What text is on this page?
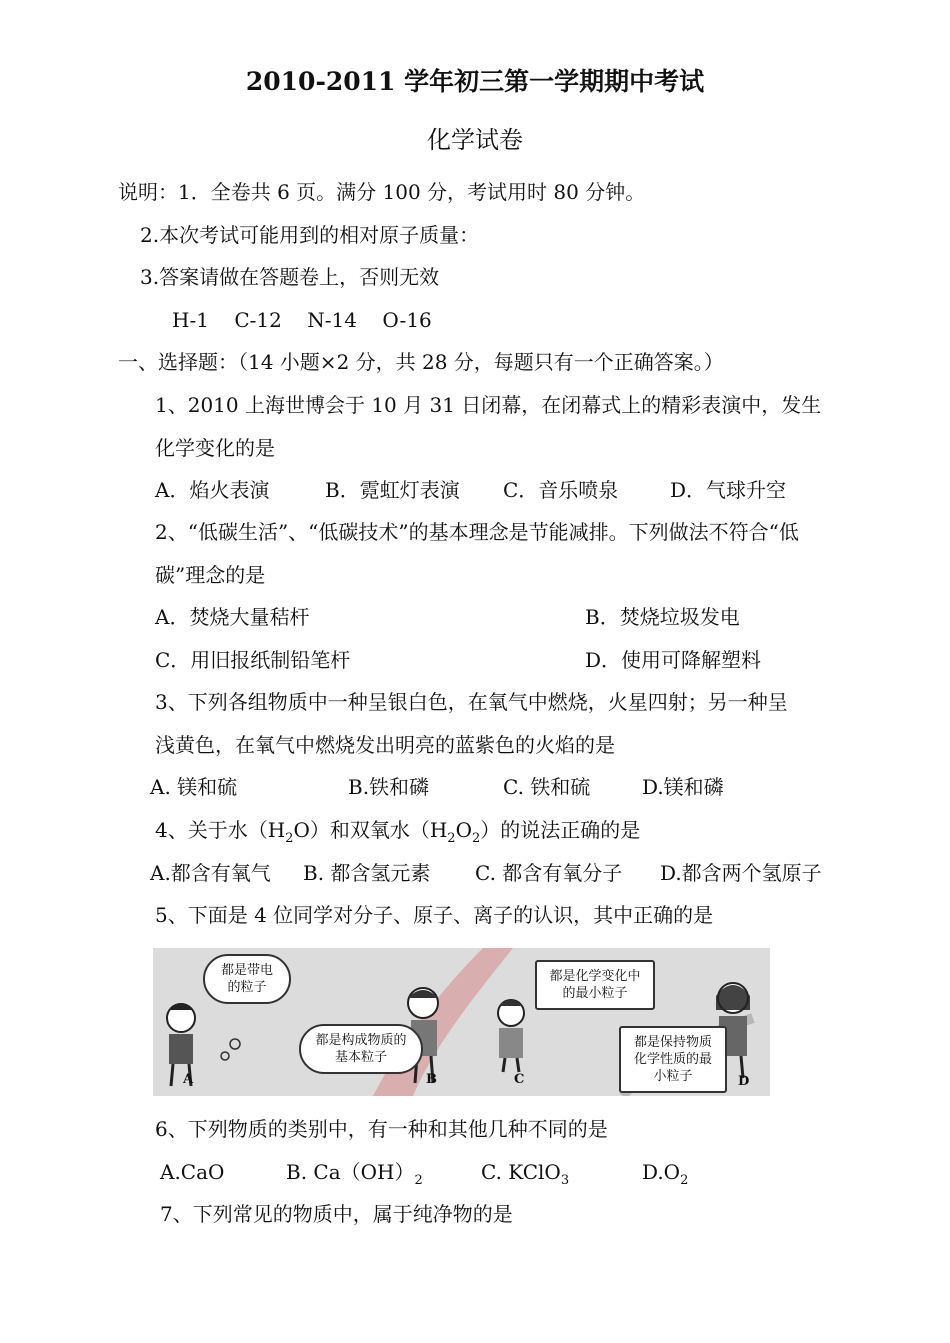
2010-2011 学年初三第一学期期中考试
化学试卷
说明：1．全卷共 6 页。满分 100 分，考试用时 80 分钟。
2.本次考试可能用到的相对原子质量：
3.答案请做在答题卷上，否则无效
H-1    C-12    N-14    O-16
一、选择题：（14 小题×2 分，共 28 分，每题只有一个正确答案。）
1、2010 上海世博会于 10 月 31 日闭幕，在闭幕式上的精彩表演中，发生
化学变化的是
A．焰火表演	B．霓虹灯表演 C．音乐喷泉	D．气球升空
2、“低碳生活”、“低碳技术”的基本理念是节能减排。下列做法不符合“低
碳”理念的是
A．焚烧大量秸杆	B．焚烧垃圾发电
C．用旧报纸制铅笔杆	D．使用可降解塑料
3、下列各组物质中一种呈银白色，在氧气中燃烧，火星四射；另一种呈
浅黄色，在氧气中燃烧发出明亮的蓝紫色的火焰的是
A. 镁和硫	B.铁和磷	C. 铁和硫	D.镁和磷
4、关于水$(H_2O)$和双氧水$(H_2O_2)$的说法正确的是
A.都含有氧气 B. 都含氢元素 C. 都含有氧分子 D.都含两个氢原子
5、下面是 4 位同学对分子、原子、离子的认识，其中正确的是
都是带电的粒子
都是构成物质的基本粒子
都是化学变化中的最小粒子
都是保持物质化学性质的最小粒子
A	B	C	D
6、下列物质的类别中，有一种和其他几种不同的是
A.CaO	B. $Ca(OH)_2$	C. KClO$_3$	$D.O_2$
7、下列常见的物质中，属于纯净物的是
